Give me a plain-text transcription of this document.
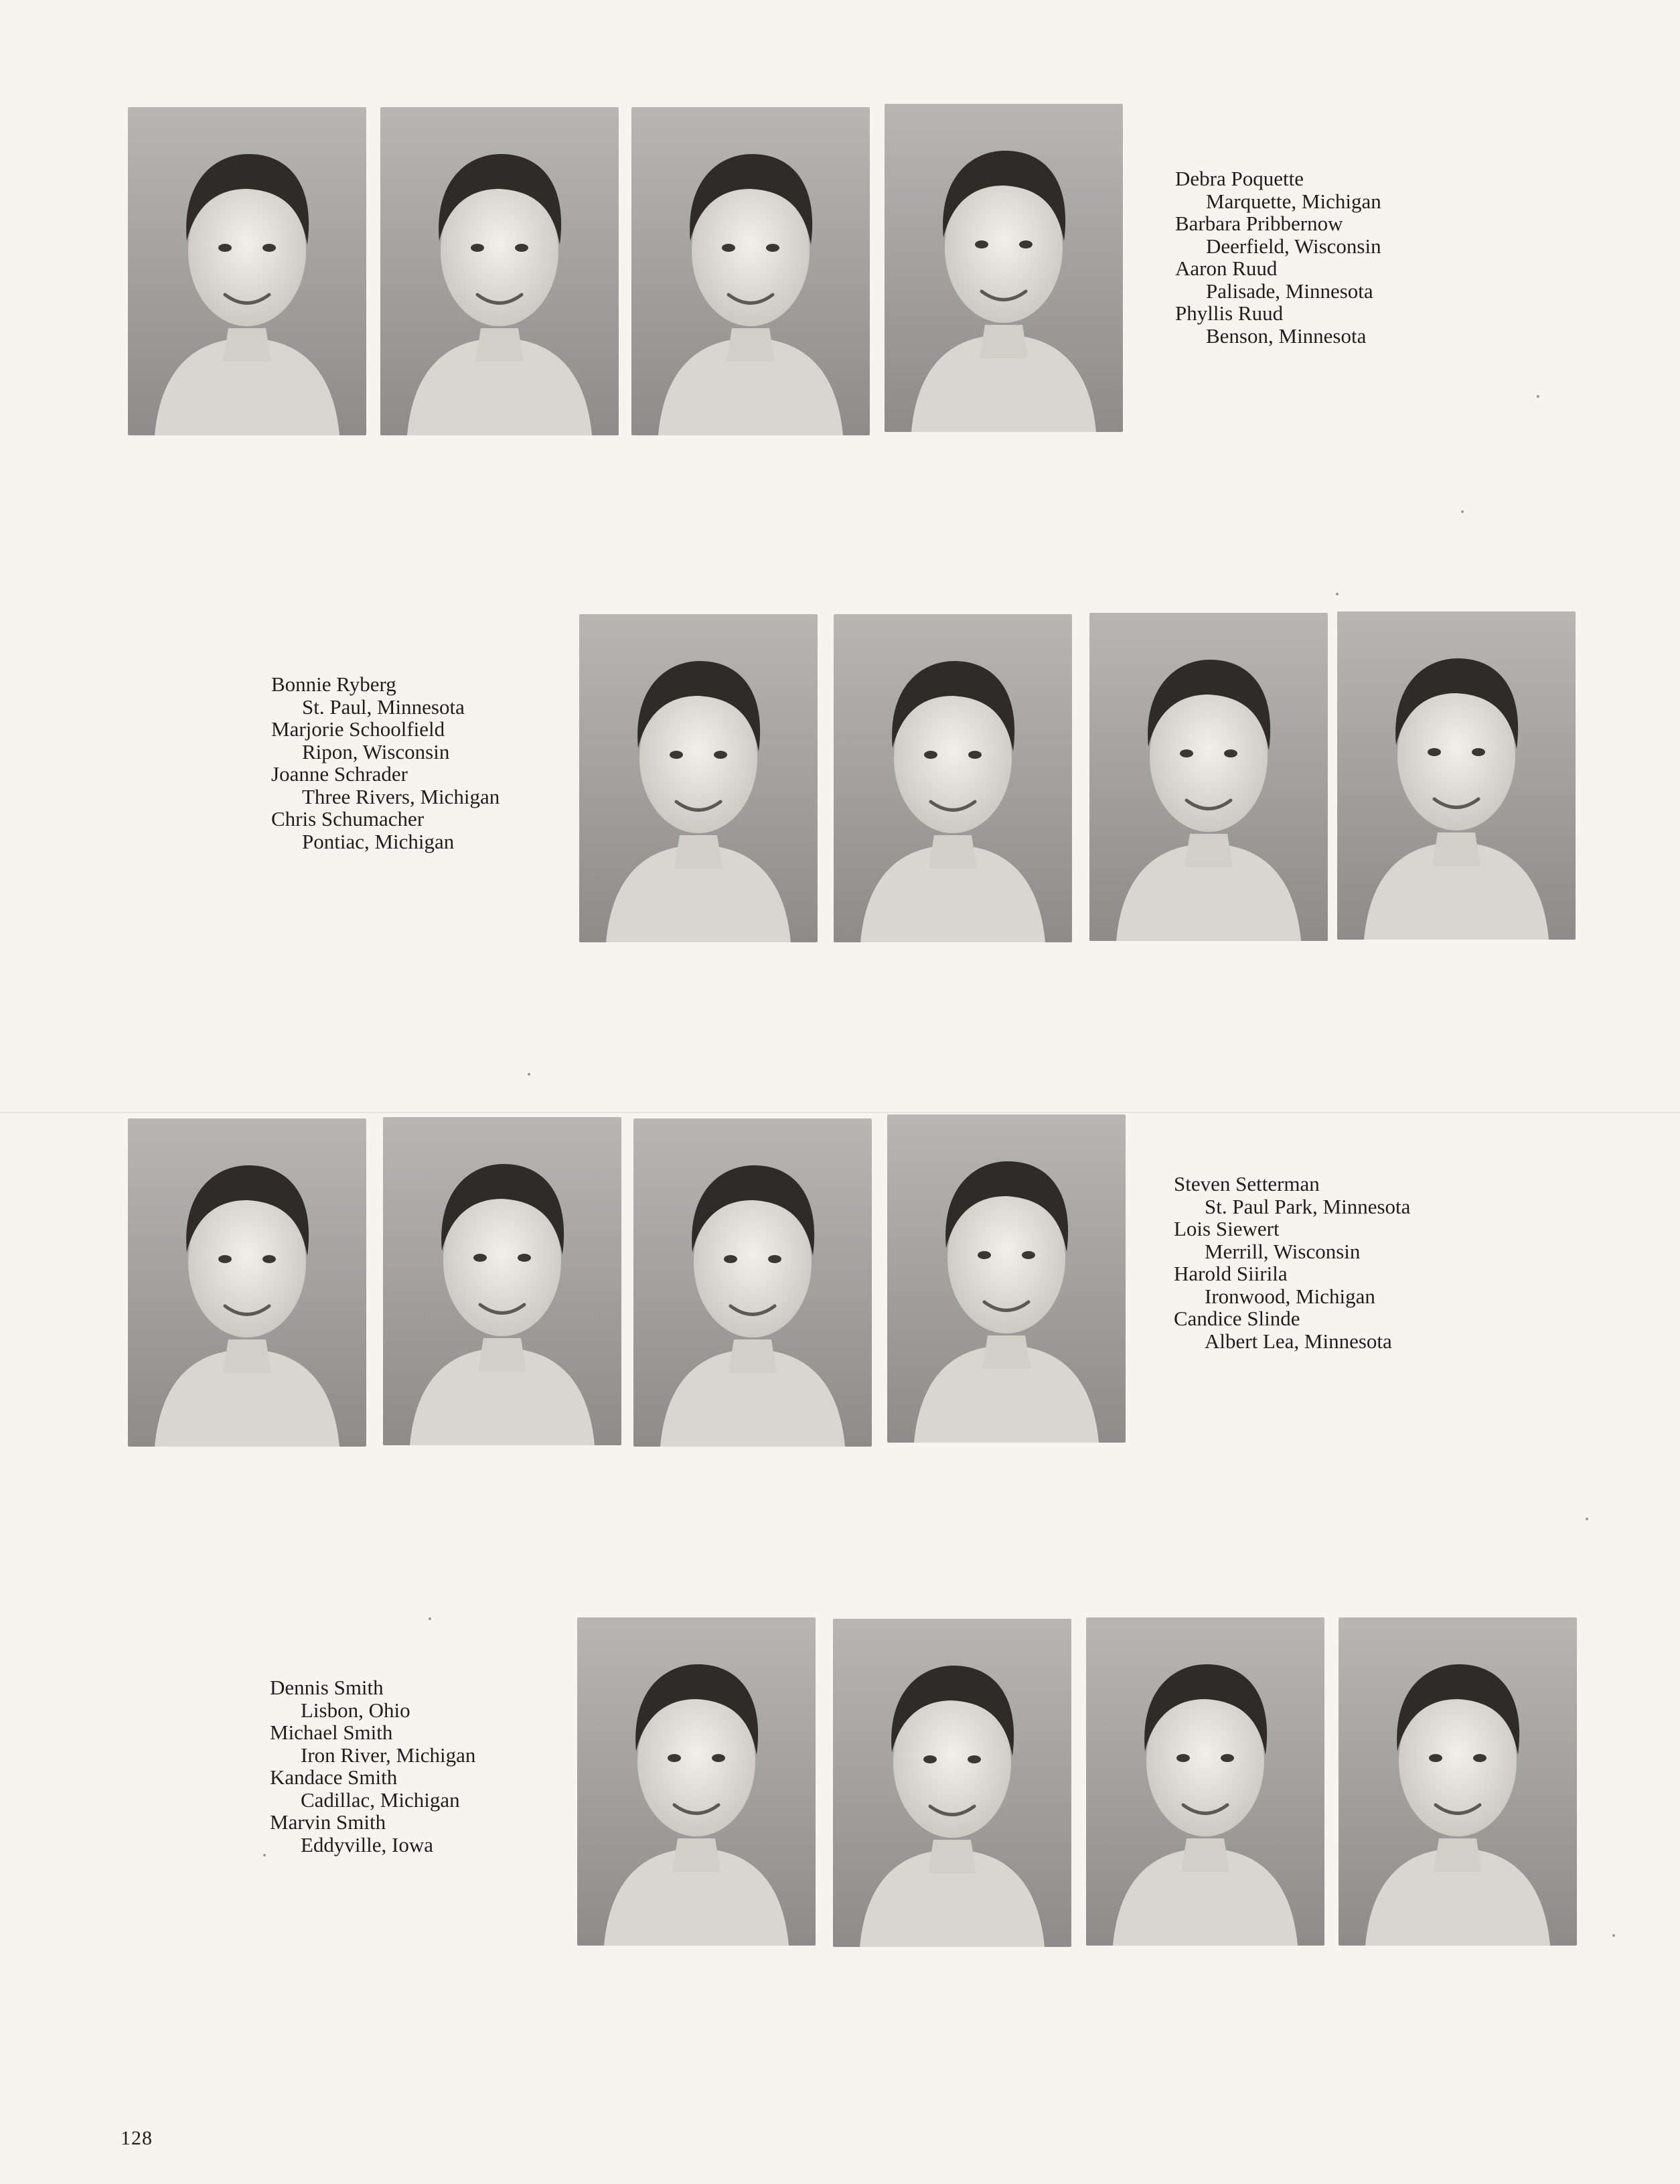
Debra Poquette
Marquette, Michigan
Barbara Pribbernow
Deerfield, Wisconsin
Aaron Ruud
Palisade, Minnesota
Phyllis Ruud
Benson, Minnesota
Bonnie Ryberg
St. Paul, Minnesota
Marjorie Schoolfield
Ripon, Wisconsin
Joanne Schrader
Three Rivers, Michigan
Chris Schumacher
Pontiac, Michigan
Steven Setterman
St. Paul Park, Minnesota
Lois Siewert
Merrill, Wisconsin
Harold Siirila
Ironwood, Michigan
Candice Slinde
Albert Lea, Minnesota
Dennis Smith
Lisbon, Ohio
Michael Smith
Iron River, Michigan
Kandace Smith
Cadillac, Michigan
Marvin Smith
Eddyville, Iowa
128
